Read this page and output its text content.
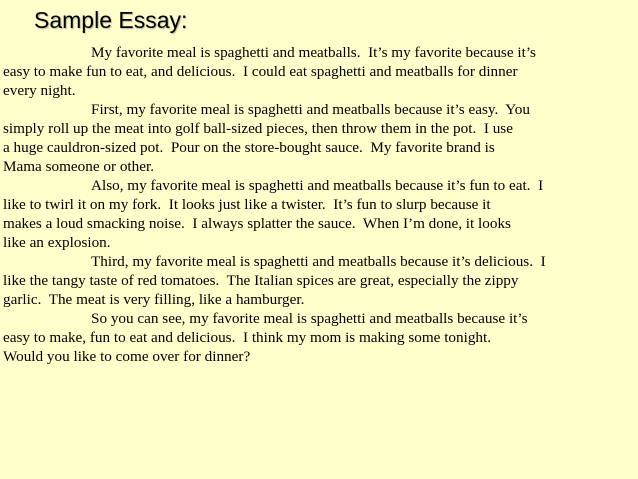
Sample Essay:
My favorite meal is spaghetti and meatballs.  It’s my favorite because it’s
easy to make fun to eat, and delicious.  I could eat spaghetti and meatballs for dinner
every night.
First, my favorite meal is spaghetti and meatballs because it’s easy.  You
simply roll up the meat into golf ball-sized pieces, then throw them in the pot.  I use
a huge cauldron-sized pot.  Pour on the store-bought sauce.  My favorite brand is
Mama someone or other.
Also, my favorite meal is spaghetti and meatballs because it’s fun to eat.  I
like to twirl it on my fork.  It looks just like a twister.  It’s fun to slurp because it
makes a loud smacking noise.  I always splatter the sauce.  When I’m done, it looks
like an explosion.
Third, my favorite meal is spaghetti and meatballs because it’s delicious.  I
like the tangy taste of red tomatoes.  The Italian spices are great, especially the zippy
garlic.  The meat is very filling, like a hamburger.
So you can see, my favorite meal is spaghetti and meatballs because it’s
easy to make, fun to eat and delicious.  I think my mom is making some tonight.
Would you like to come over for dinner?
